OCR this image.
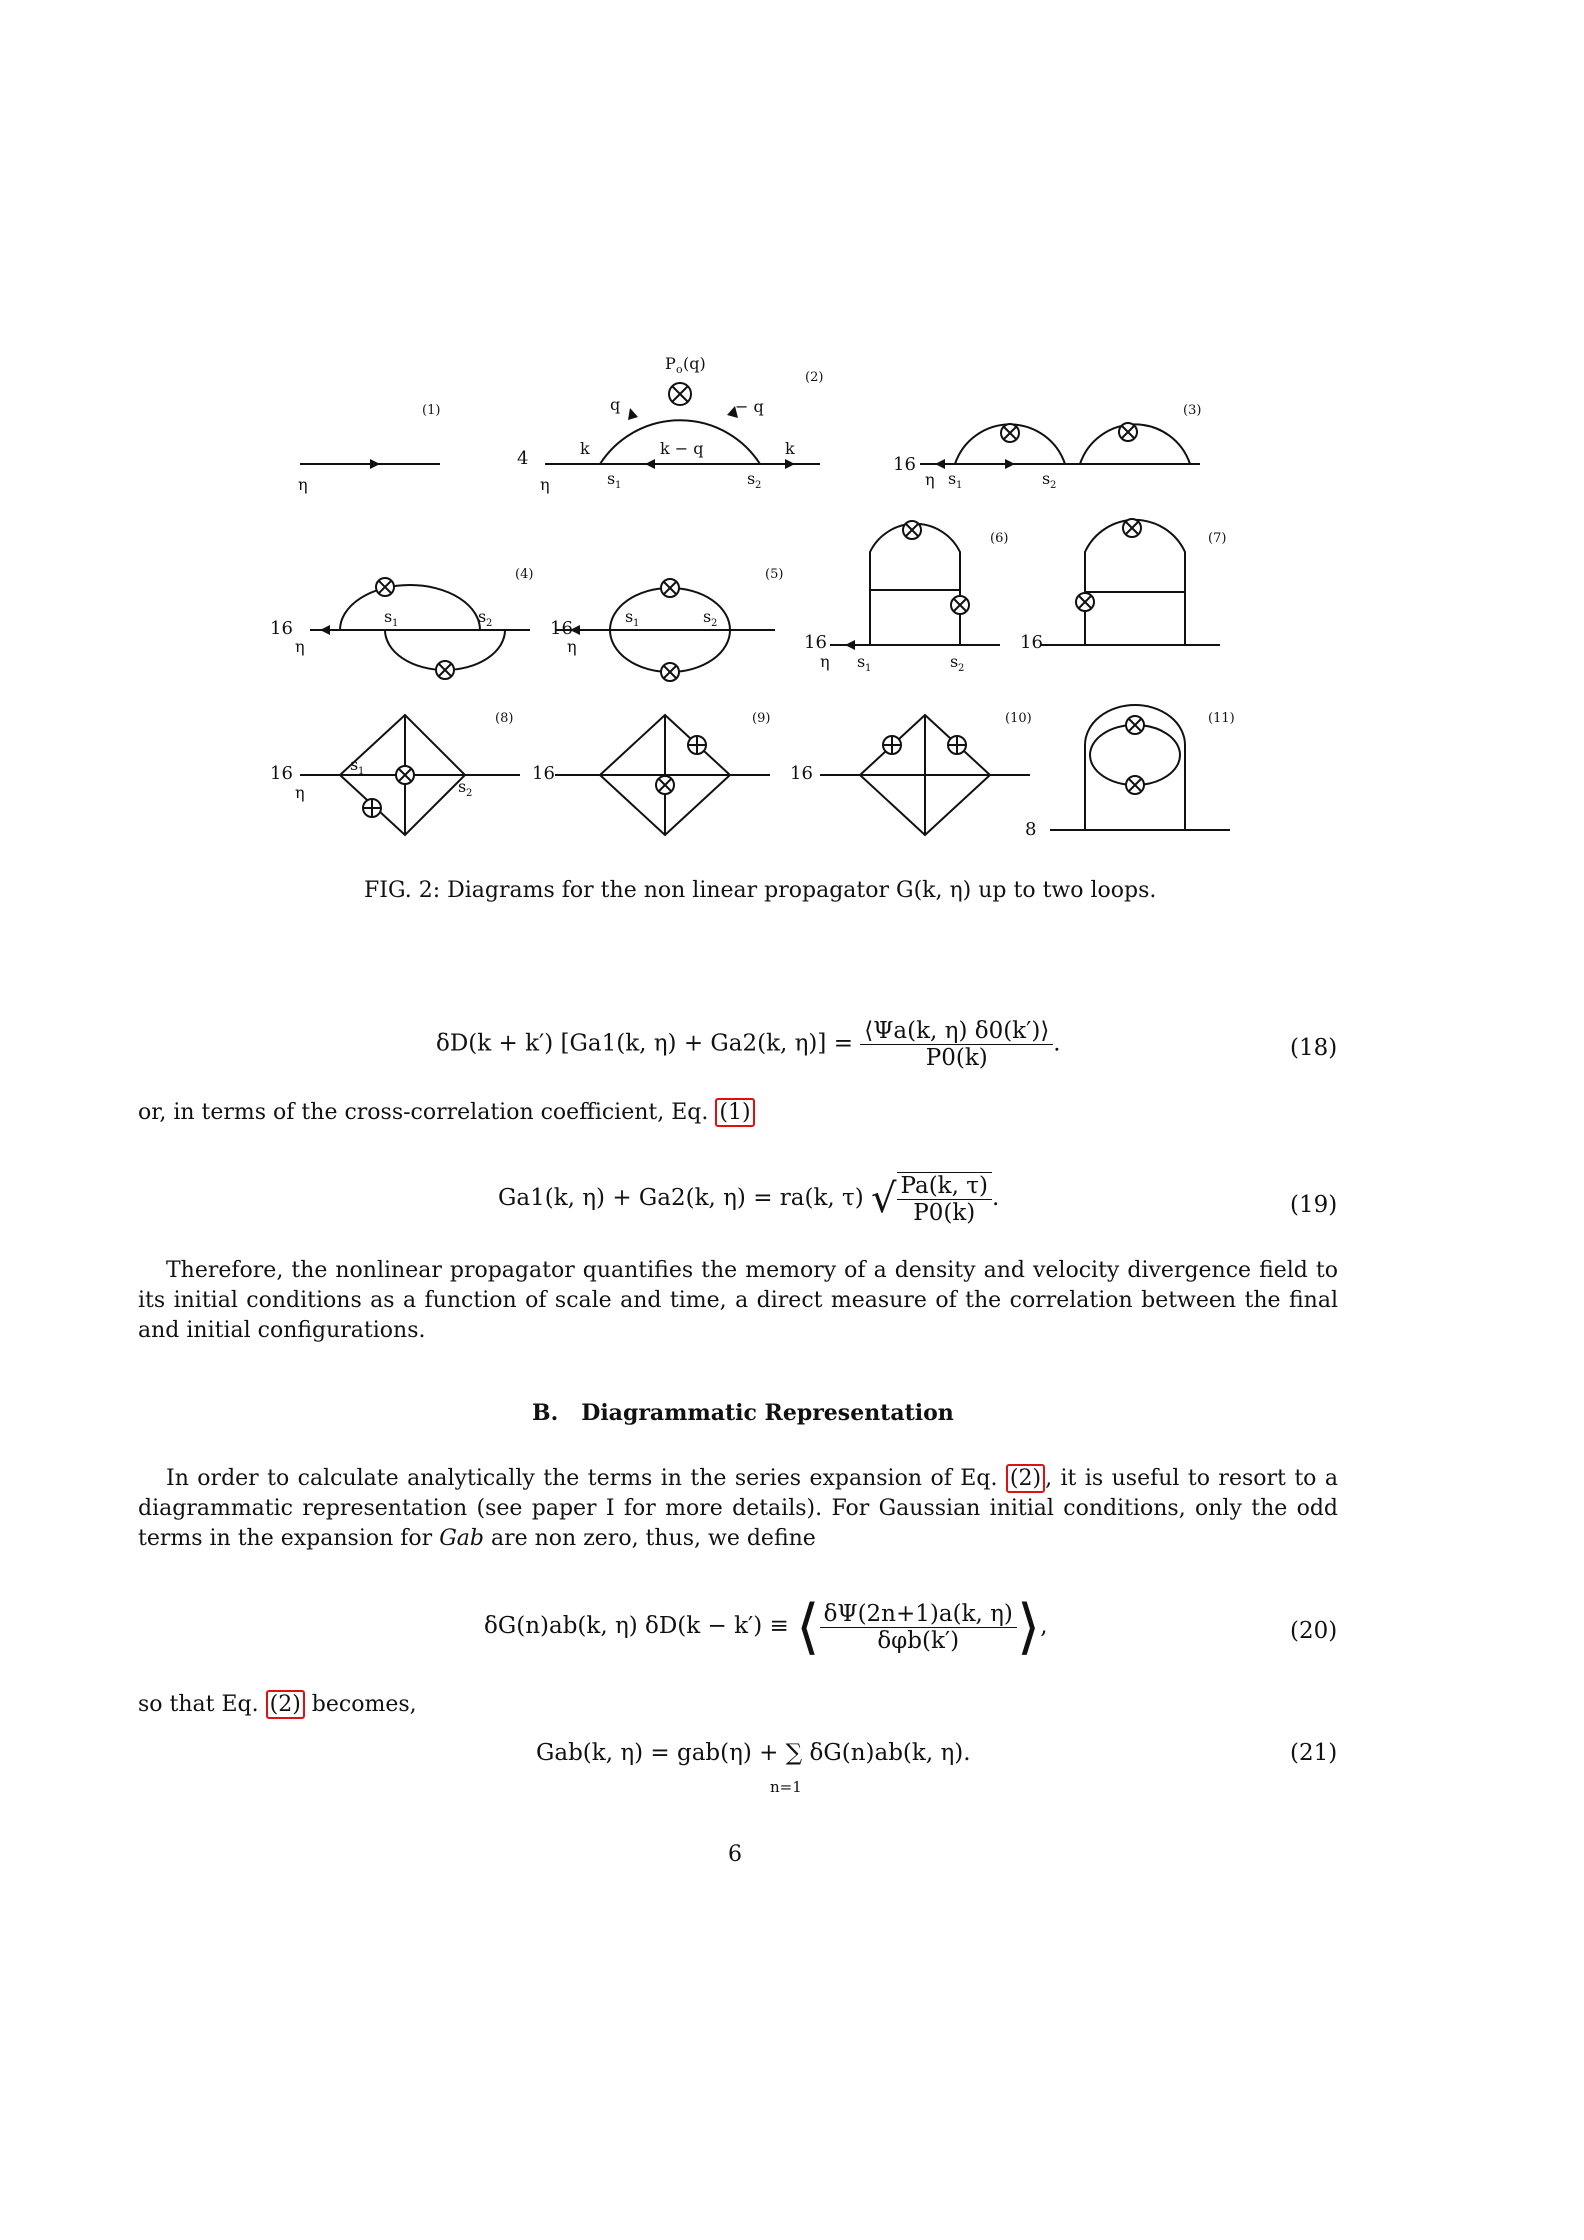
(1)
(2)
(3)
(4)	(5)
(6)	(7)
(8)	(9)	(10)	(11)
4	16
16	16
16	16
16	16	16
8
η	η	η
η	η
η
η
P o (q)
q	− q
k − q
k	k
s 1	s 2	s 1	s 2
s 1	s 2	s 1	s 2
s 1	s 2
s 1
s 2
FIG. 2: Diagrams for the non linear propagator G(k, η) up to two loops.
δD(k + k′) [Ga1(k, η) + Ga2(k, $\eta)] = \frac{⟨\Psi a(k, \eta) \delta 0(k')⟩}{P0(k)}$ .	(18)
or, in terms of the cross-correlation coefficient, Eq. (1)
Ga1(k, η) + Ga2(k, η) = ra(k, τ) √ $\frac{Pa(k, \tau)}{P0(k)}$ .	(19)
Therefore, the nonlinear propagator quantifies the memory of a density and velocity divergence field to its initial conditions as a function of scale and time, a direct measure of the correlation between the final and initial configurations.
B. Diagrammatic Representation
In order to calculate analytically the terms in the series expansion of Eq. (2) , it is useful to resort to a diagrammatic representation (see paper I for more details). For Gaussian initial conditions, only the odd terms in the expansion for Gab are non zero, thus, we define
δG(n)ab(k, η) δD(k − k′) ≡ ⟨ $\frac{\delta\Psi(2n+1)a(k, \eta)}{\text{δφb(k′)}}$ ⟩,	(20)
so that Eq. (2) becomes,
Gab(k, η) = gab(η) + ∑ δG(n)ab(k, η).
n=1
(21)
6
